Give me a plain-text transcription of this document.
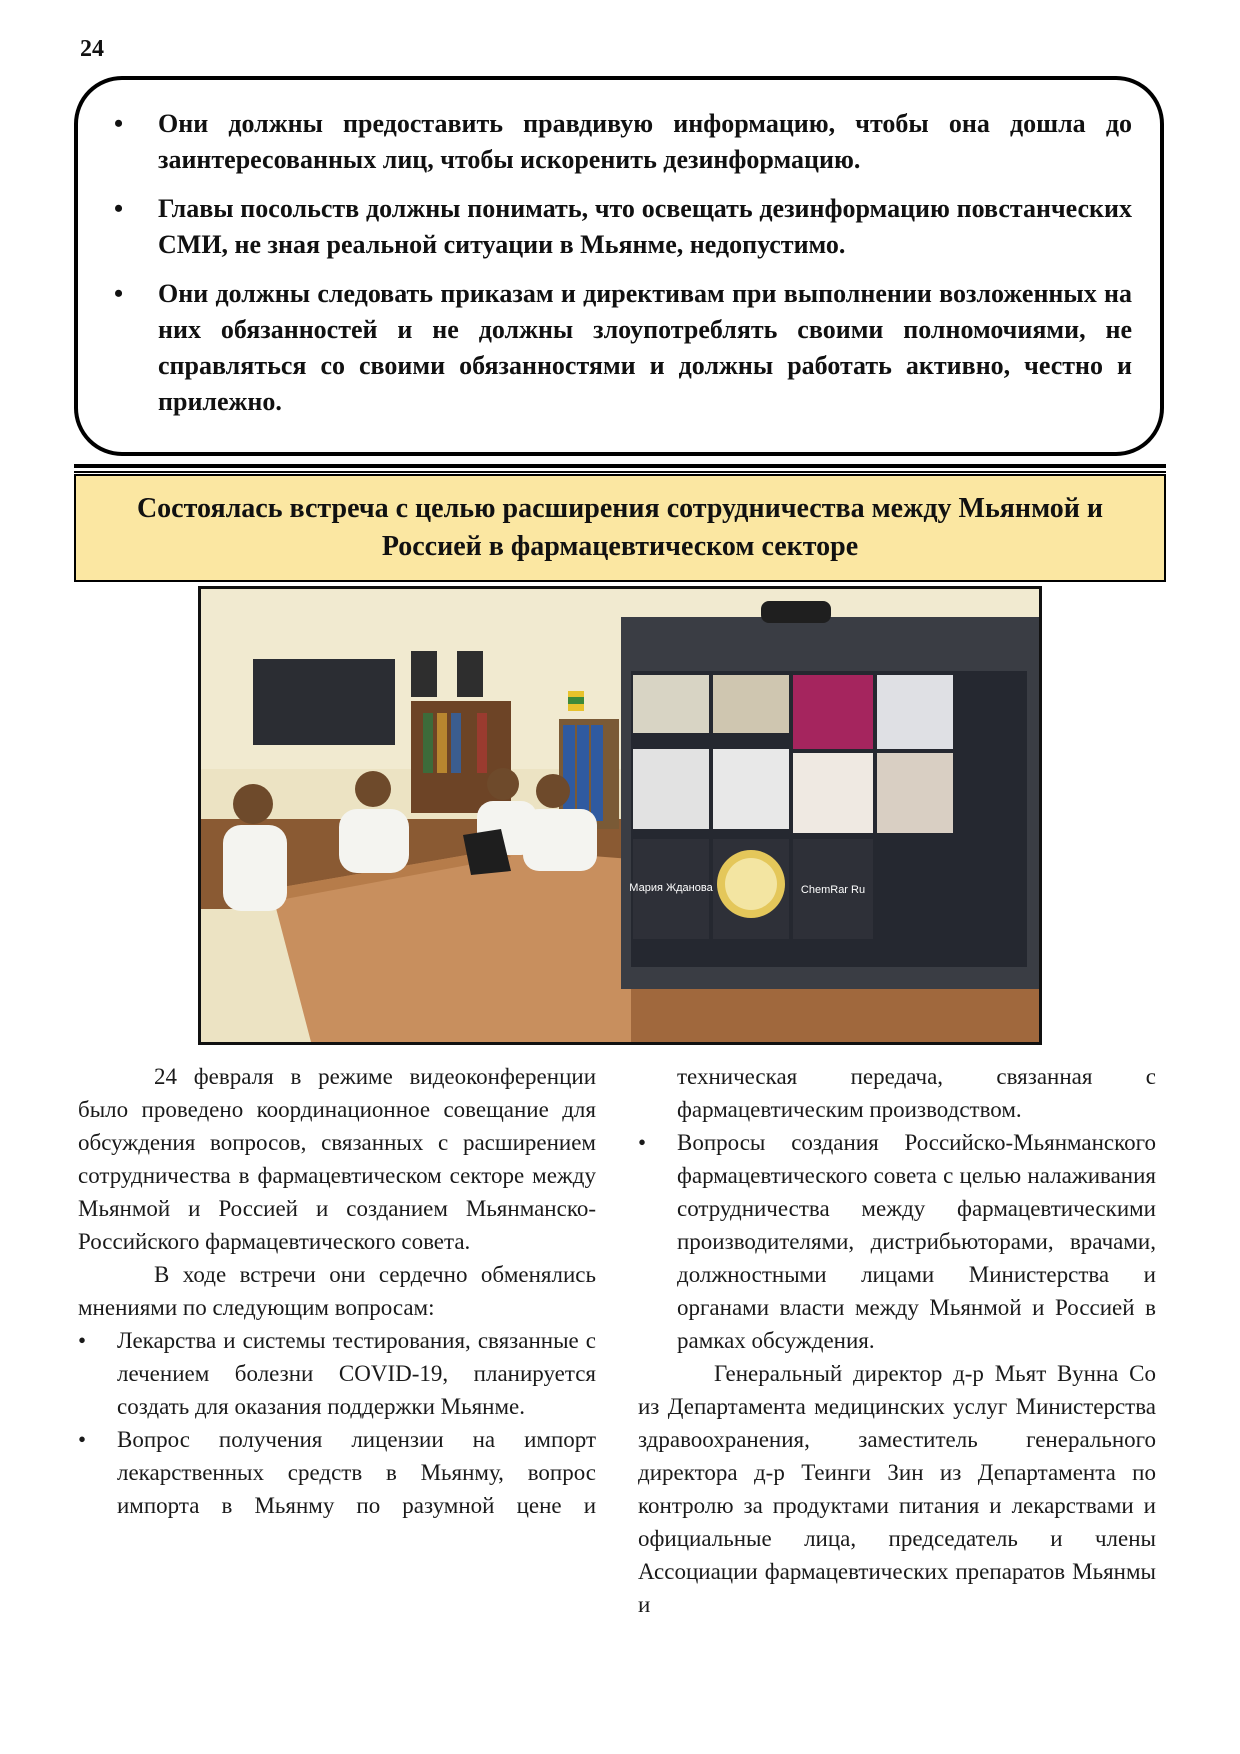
24
• Они должны предоставить правдивую информацию, чтобы она дошла до заинтересованных лиц, чтобы искоренить дезинформацию.
• Главы посольств должны понимать, что освещать дезинформацию повстанческих СМИ, не зная реальной ситуации в Мьянме, недопустимо.
• Они должны следовать приказам и директивам при выполнении возложенных на них обязанностей и не должны злоупотреблять своими полномочиями, не справляться со своими обязанностями и должны работать активно, честно и прилежно.
Состоялась встреча с целью расширения сотрудничества между Мьянмой и Россией в фармацевтическом секторе
Мария Жданова	ChemRar Ru

24 февраля в режиме видеоконференции было проведено координационное совещание для обсуждения вопросов, связанных с расширением сотрудничества в фармацевтическом секторе между Мьянмой и Россией и созданием Мьянманско-Российского фармацевтического совета.

В ходе встречи они сердечно обменялись мнениями по следующим вопросам:

• Лекарства и системы тестирования, связанные с лечением болезни COVID-19, планируется создать для оказания поддержки Мьянме.
• Вопрос получения лицензии на импорт лекарственных средств в Мьянму, вопрос импорта в Мьянму по разумной цене и

техническая передача, связанная с фармацевтическим производством.

• Вопросы создания Российско-Мьянманского фармацевтического совета с целью налаживания сотрудничества между фармацевтическими производителями, дистрибьюторами, врачами, должностными лицами Министерства и органами власти между Мьянмой и Россией в рамках обсуждения.

Генеральный директор д-р Мьят Вунна Со из Департамента медицинских услуг Министерства здравоохранения, заместитель генерального директора д-р Теинги Зин из Департамента по контролю за продуктами питания и лекарствами и официальные лица, председатель и члены Ассоциации фармацевтических препаратов Мьянмы и
